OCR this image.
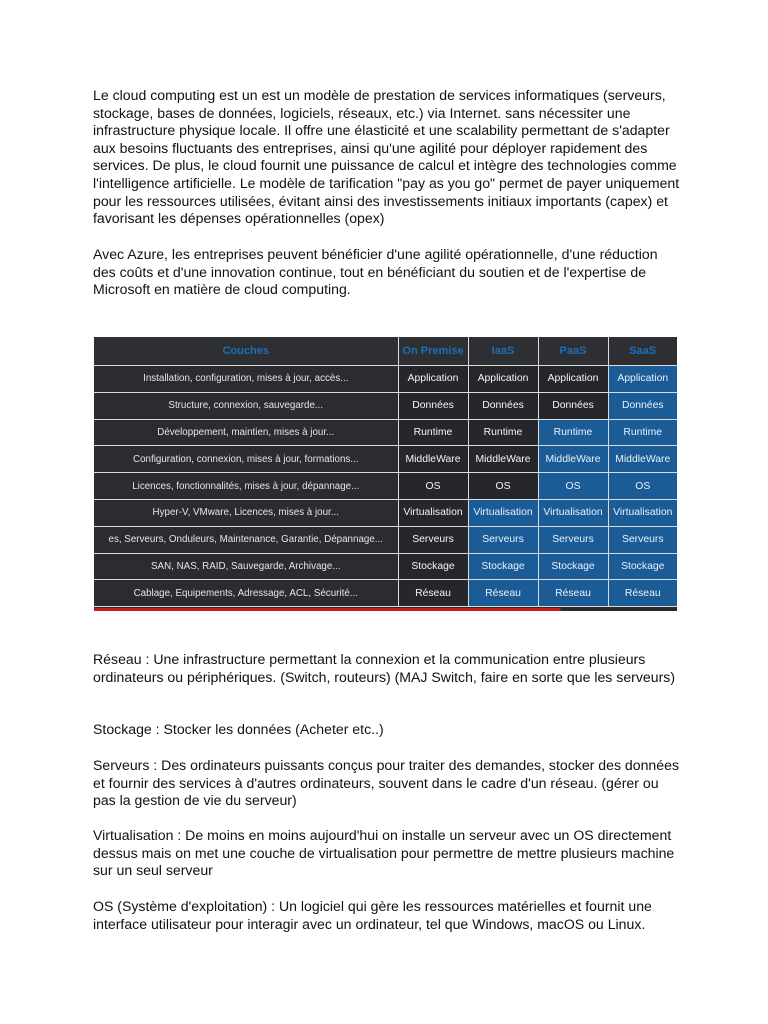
Le cloud computing est un est un modèle de prestation de services informatiques (serveurs, stockage, bases de données, logiciels, réseaux, etc.) via Internet. sans nécessiter une infrastructure physique locale. Il offre une élasticité et une scalability permettant de s'adapter aux besoins fluctuants des entreprises, ainsi qu'une agilité pour déployer rapidement des services. De plus, le cloud fournit une puissance de calcul et intègre des technologies comme l'intelligence artificielle. Le modèle de tarification "pay as you go" permet de payer uniquement pour les ressources utilisées, évitant ainsi des investissements initiaux importants (capex) et favorisant les dépenses opérationnelles (opex)

Avec Azure, les entreprises peuvent bénéficier d'une agilité opérationnelle, d'une réduction des coûts et d'une innovation continue, tout en bénéficiant du soutien et de l'expertise de Microsoft en matière de cloud computing.

Couches	On Premise	IaaS	PaaS	SaaS
Installation, configuration, mises à jour, accès...	Application	Application	Application	Application
Structure, connexion, sauvegarde...	Données	Données	Données	Données
Développement, maintien, mises à jour...	Runtime	Runtime	Runtime	Runtime
Configuration, connexion, mises à jour, formations...	MiddleWare	MiddleWare	MiddleWare	MiddleWare
Licences, fonctionnalités, mises à jour, dépannage...	OS	OS	OS	OS
Hyper-V, VMware, Licences, mises à jour...	Virtualisation	Virtualisation	Virtualisation	Virtualisation
es, Serveurs, Onduleurs, Maintenance, Garantie, Dépannage...	Serveurs	Serveurs	Serveurs	Serveurs
SAN, NAS, RAID, Sauvegarde, Archivage...	Stockage	Stockage	Stockage	Stockage
Cablage, Equipements, Adressage, ACL, Sécurité...	Réseau	Réseau	Réseau	Réseau

Réseau : Une infrastructure permettant la connexion et la communication entre plusieurs ordinateurs ou périphériques. (Switch, routeurs) (MAJ Switch, faire en sorte que les serveurs)

Stockage : Stocker les données (Acheter etc..)

Serveurs : Des ordinateurs puissants conçus pour traiter des demandes, stocker des données et fournir des services à d'autres ordinateurs, souvent dans le cadre d'un réseau. (gérer ou pas la gestion de vie du serveur)

Virtualisation : De moins en moins aujourd'hui on installe un serveur avec un OS directement dessus mais on met une couche de virtualisation pour permettre de mettre plusieurs machine sur un seul serveur

OS (Système d'exploitation) : Un logiciel qui gère les ressources matérielles et fournit une interface utilisateur pour interagir avec un ordinateur, tel que Windows, macOS ou Linux.
